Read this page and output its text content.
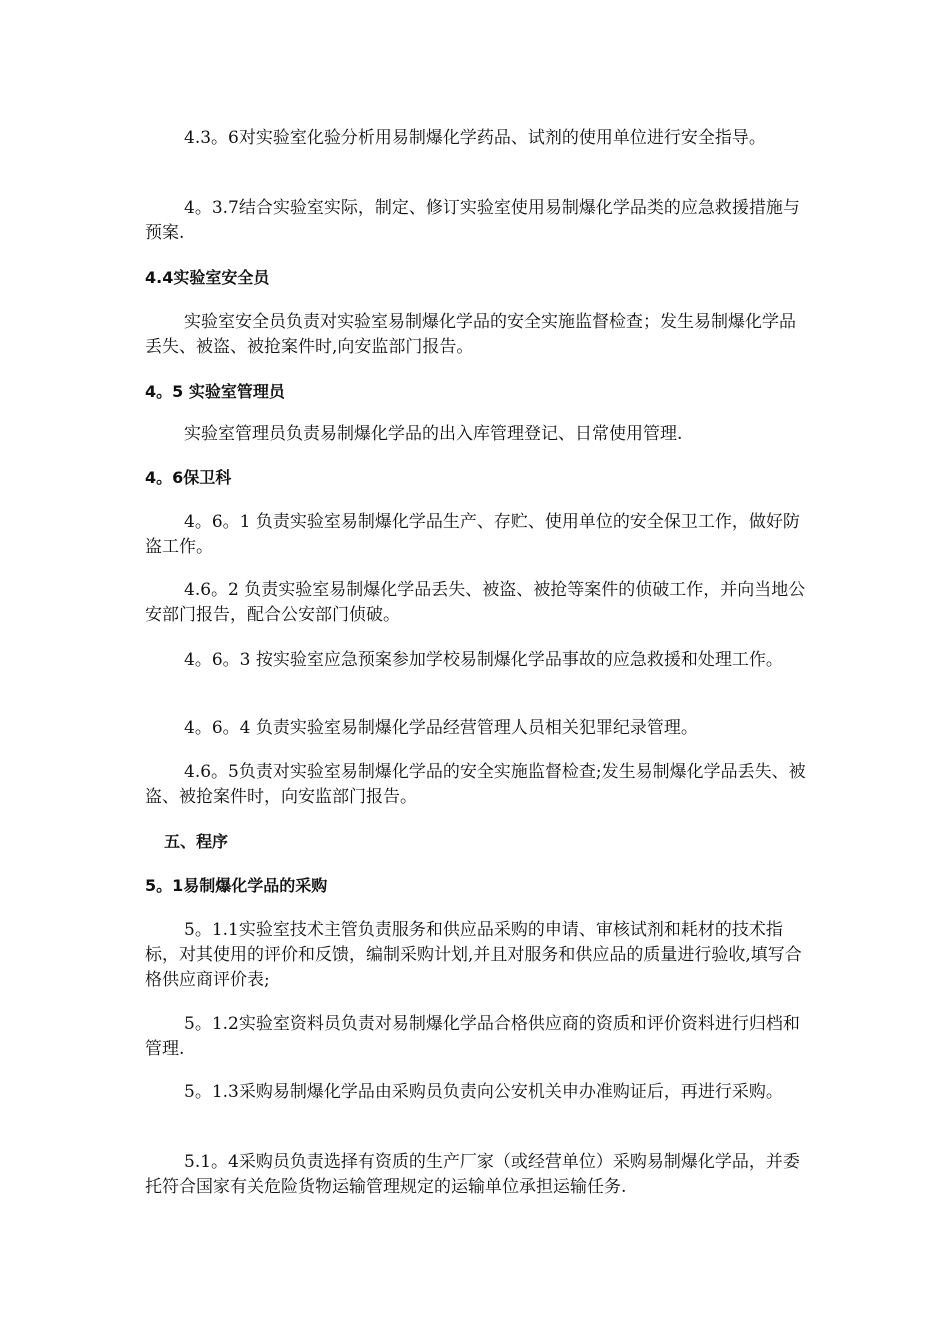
4.3。6对实验室化验分析用易制爆化学药品、试剂的使用单位进行安全指导。

4。3.7结合实验室实际，制定、修订实验室使用易制爆化学品类的应急救援措施与预案.

4.4实验室安全员

实验室安全员负责对实验室易制爆化学品的安全实施监督检查；发生易制爆化学品丢失、被盗、被抢案件时,向安监部门报告。

4。5 实验室管理员

实验室管理员负责易制爆化学品的出入库管理登记、日常使用管理.

4。6保卫科

4。6。1 负责实验室易制爆化学品生产、存贮、使用单位的安全保卫工作，做好防盗工作。

4.6。2 负责实验室易制爆化学品丢失、被盗、被抢等案件的侦破工作，并向当地公安部门报告，配合公安部门侦破。

4。6。3 按实验室应急预案参加学校易制爆化学品事故的应急救援和处理工作。

4。6。4 负责实验室易制爆化学品经营管理人员相关犯罪纪录管理。

4.6。5负责对实验室易制爆化学品的安全实施监督检查;发生易制爆化学品丢失、被盗、被抢案件时，向安监部门报告。

五、程序

5。1易制爆化学品的采购

5。1.1实验室技术主管负责服务和供应品采购的申请、审核试剂和耗材的技术指标，对其使用的评价和反馈，编制采购计划,并且对服务和供应品的质量进行验收,填写合格供应商评价表;

5。1.2实验室资料员负责对易制爆化学品合格供应商的资质和评价资料进行归档和管理.

5。1.3采购易制爆化学品由采购员负责向公安机关申办准购证后，再进行采购。

5.1。4采购员负责选择有资质的生产厂家（或经营单位）采购易制爆化学品，并委托符合国家有关危险货物运输管理规定的运输单位承担运输任务.
